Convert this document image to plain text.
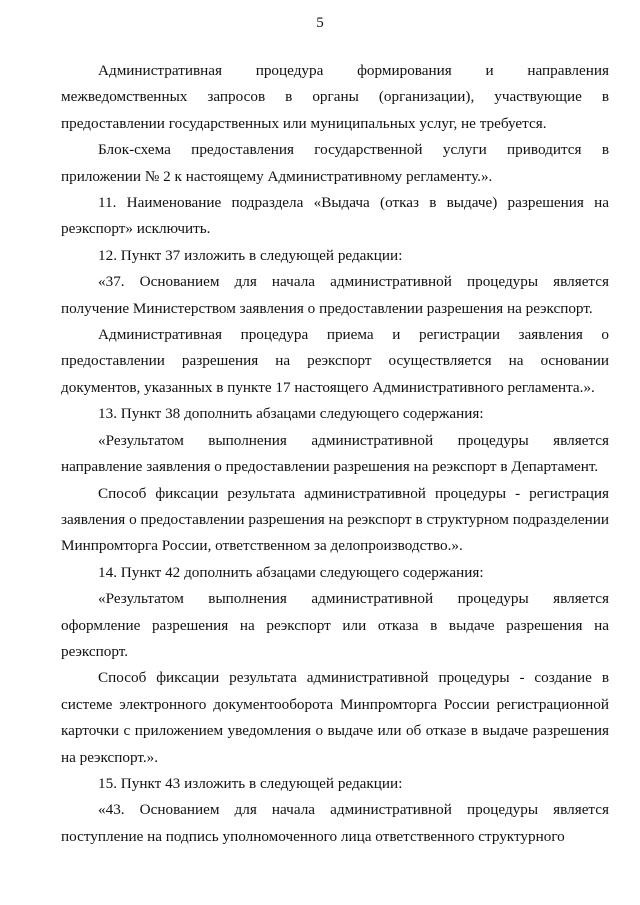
5

Административная процедура формирования и направления межведомственных запросов в органы (организации), участвующие в предоставлении государственных или муниципальных услуг, не требуется.

Блок-схема предоставления государственной услуги приводится в приложении № 2 к настоящему Административному регламенту.».

11. Наименование подраздела «Выдача (отказ в выдаче) разрешения на реэкспорт» исключить.

12. Пункт 37 изложить в следующей редакции:

«37. Основанием для начала административной процедуры является получение Министерством заявления о предоставлении разрешения на реэкспорт.

Административная процедура приема и регистрации заявления о предоставлении разрешения на реэкспорт осуществляется на основании документов, указанных в пункте 17 настоящего Административного регламента.».

13. Пункт 38 дополнить абзацами следующего содержания:

«Результатом выполнения административной процедуры является направление заявления о предоставлении разрешения на реэкспорт в Департамент.

Способ фиксации результата административной процедуры - регистрация заявления о предоставлении разрешения на реэкспорт в структурном подразделении Минпромторга России, ответственном за делопроизводство.».

14. Пункт 42 дополнить абзацами следующего содержания:

«Результатом выполнения административной процедуры является оформление разрешения на реэкспорт или отказа в выдаче разрешения на реэкспорт.

Способ фиксации результата административной процедуры - создание в системе электронного документооборота Минпромторга России регистрационной карточки с приложением уведомления о выдаче или об отказе в выдаче разрешения на реэкспорт.».

15. Пункт 43 изложить в следующей редакции:

«43. Основанием для начала административной процедуры является поступление на подпись уполномоченного лица ответственного структурного
